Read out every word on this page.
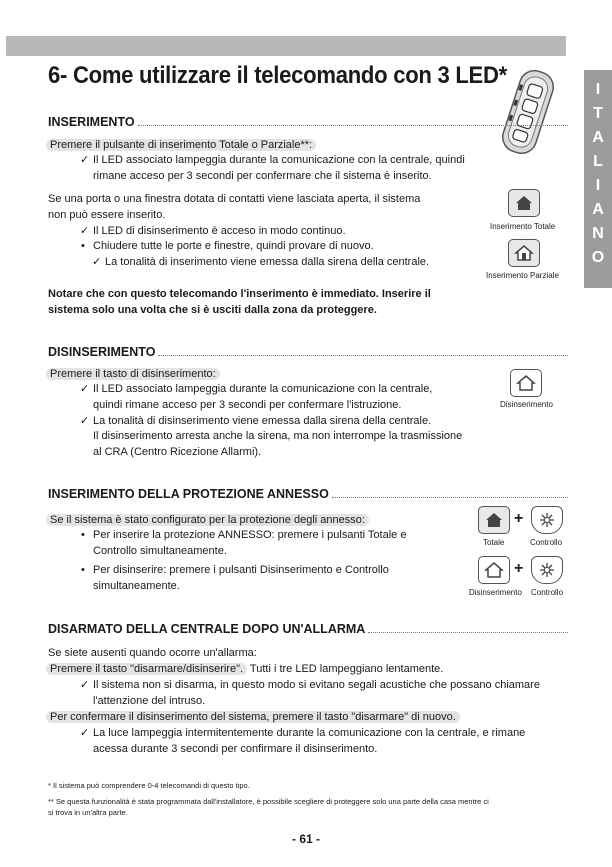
I
T
A
L
I
A
N
O
6- Come utilizzare il telecomando con 3 LED*
INSERIMENTO
Premere il pulsante di inserimento Totale o Parziale**:
✓ Il LED associato lampeggia durante la comunicazione con la centrale, quindi
rimane acceso per 3 secondi per confermare che il sistema è inserito.
Se una porta o una finestra dotata di contatti viene lasciata aperta, il sistema
non può essere inserito.
✓ Il LED di disinserimento è acceso in modo continuo.
• Chiudere tutte le porte e finestre, quindi provare di nuovo.
✓ La tonalità di inserimento viene emessa dalla sirena della centrale.
Notare che con questo telecomando l'inserimento è immediato. Inserire il
sistema solo una volta che si è usciti dalla zona da proteggere.
Inserimento Totale
Inserimento Parziale
DISINSERIMENTO
Premere il tasto di disinserimento:
✓ Il LED associato lampeggia durante la comunicazione con la centrale,
quindi rimane acceso per 3 secondi per confermare l'istruzione.
✓ La tonalità di disinserimento viene emessa dalla sirena della centrale.
Il disinserimento arresta anche la sirena, ma non interrompe la trasmissione
al CRA (Centro Ricezione Allarmi).
Disinserimento
INSERIMENTO DELLA PROTEZIONE ANNESSO
Se il sistema è stato configurato per la protezione degli annesso:
• Per inserire la protezione ANNESSO: premere i pulsanti Totale e
Controllo simultaneamente.
• Per disinserire: premere i pulsanti Disinserimento e Controllo
simultaneamente.
+
Totale	Controllo
+
Disinserimento Controllo
DISARMATO DELLA CENTRALE DOPO UN'ALLARMA
Se siete ausenti quando ocorre un'allarma:
Premere il tasto "disarmare/disinserire". Tutti i tre LED lampeggiano lentamente.
✓ Il sistema non si disarma, in questo modo si evitano segali acustiche che possano chiamare
l'attenzione del intruso.
Per confermare il disinserimento del sistema, premere il tasto "disarmare" di nuovo.
✓ La luce lampeggia intermitentemente durante la comunicazione con la centrale, e rimane
acessa durante 3 secondi per confirmare il disinserimento.
* Il sistema può comprendere 0-4 telecomandi di questo tipo.
** Se questa funzionalità è stata programmata dall'installatore, è possibile scegliere di proteggere solo una parte della casa mentre ci
si trova in un'altra parte.
- 61 -
